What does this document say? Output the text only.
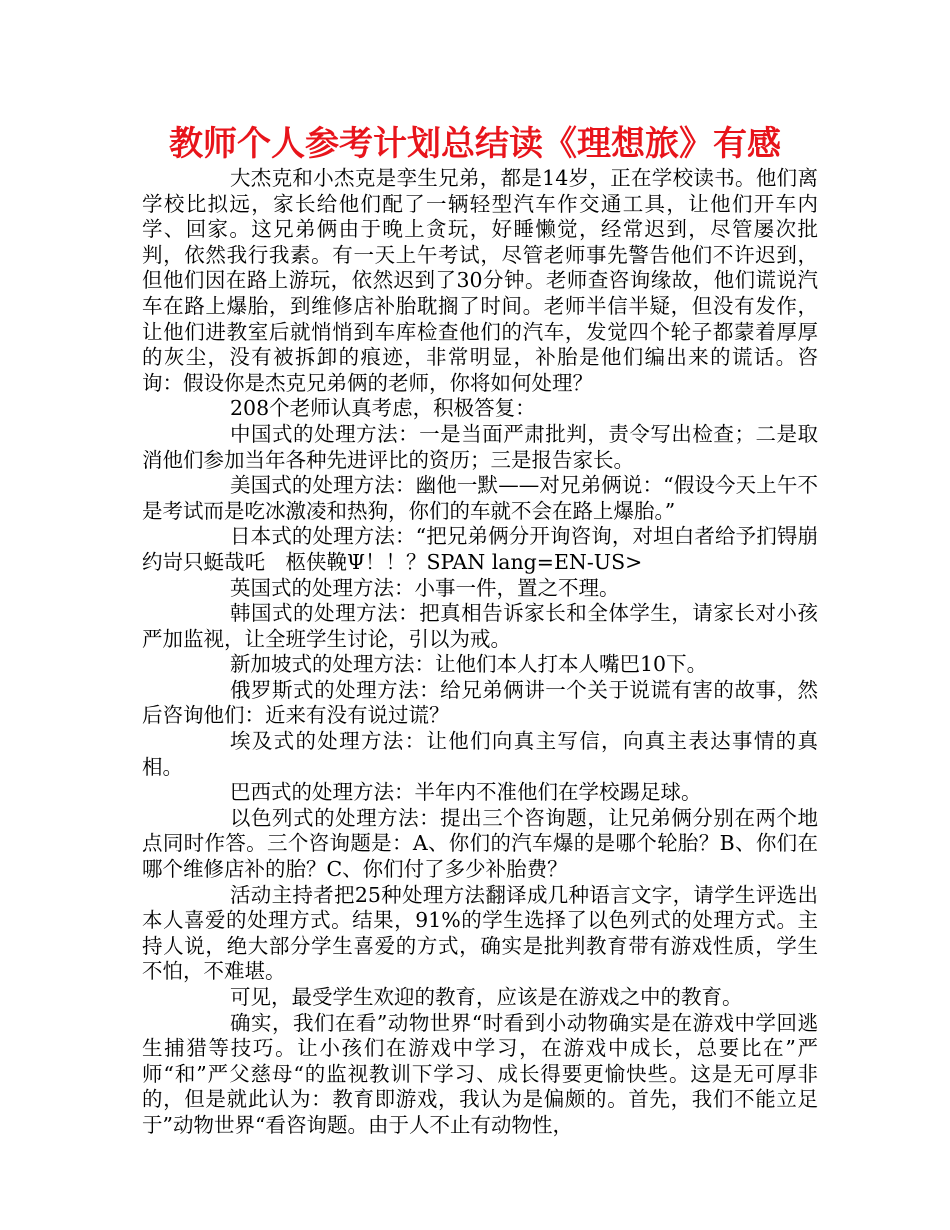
教师个人参考计划总结读《理想旅》有感

大杰克和小杰克是孪生兄弟，都是14岁，正在学校读书。他们离学校比拟远，家长给他们配了一辆轻型汽车作交通工具，让他们开车内学、回家。这兄弟俩由于晚上贪玩，好睡懒觉，经常迟到，尽管屡次批判，依然我行我素。有一天上午考试，尽管老师事先警告他们不许迟到，但他们因在路上游玩，依然迟到了30分钟。老师查咨询缘故，他们谎说汽车在路上爆胎，到维修店补胎耽搁了时间。老师半信半疑，但没有发作，让他们进教室后就悄悄到车库检查他们的汽车，发觉四个轮子都蒙着厚厚的灰尘，没有被拆卸的痕迹，非常明显，补胎是他们编出来的谎话。咨询：假设你是杰克兄弟俩的老师，你将如何处理？

208个老师认真考虑，积极答复：

中国式的处理方法：一是当面严肃批判，责令写出检查；二是取消他们参加当年各种先进评比的资历；三是报告家长。

美国式的处理方法：幽他一默——对兄弟俩说：“假设今天上午不是考试而是吃冰激凌和热狗，你们的车就不会在路上爆胎。”

日本式的处理方法：“把兄弟俩分开询咨询，对坦白者给予扪锝崩　　约岢只蜓哉吒　柩侠鞔Ψ！！？SPAN lang=EN-US>

英国式的处理方法：小事一件，置之不理。

韩国式的处理方法：把真相告诉家长和全体学生，请家长对小孩严加监视，让全班学生讨论，引以为戒。

新加坡式的处理方法：让他们本人打本人嘴巴10下。

俄罗斯式的处理方法：给兄弟俩讲一个关于说谎有害的故事，然后咨询他们：近来有没有说过谎？

埃及式的处理方法：让他们向真主写信，向真主表达事情的真相。

巴西式的处理方法：半年内不准他们在学校踢足球。

以色列式的处理方法：提出三个咨询题，让兄弟俩分别在两个地点同时作答。三个咨询题是：A、你们的汽车爆的是哪个轮胎？B、你们在哪个维修店补的胎？C、你们付了多少补胎费？

活动主持者把25种处理方法翻译成几种语言文字，请学生评选出本人喜爱的处理方式。结果，91%的学生选择了以色列式的处理方式。主持人说，绝大部分学生喜爱的方式，确实是批判教育带有游戏性质，学生不怕，不难堪。

可见，最受学生欢迎的教育，应该是在游戏之中的教育。

确实，我们在看”动物世界“时看到小动物确实是在游戏中学回逃生捕猎等技巧。让小孩们在游戏中学习，在游戏中成长，总要比在”严师“和”严父慈母“的监视教训下学习、成长得要更愉快些。这是无可厚非的，但是就此认为：教育即游戏，我认为是偏颇的。首先，我们不能立足于”动物世界“看咨询题。由于人不止有动物性，
